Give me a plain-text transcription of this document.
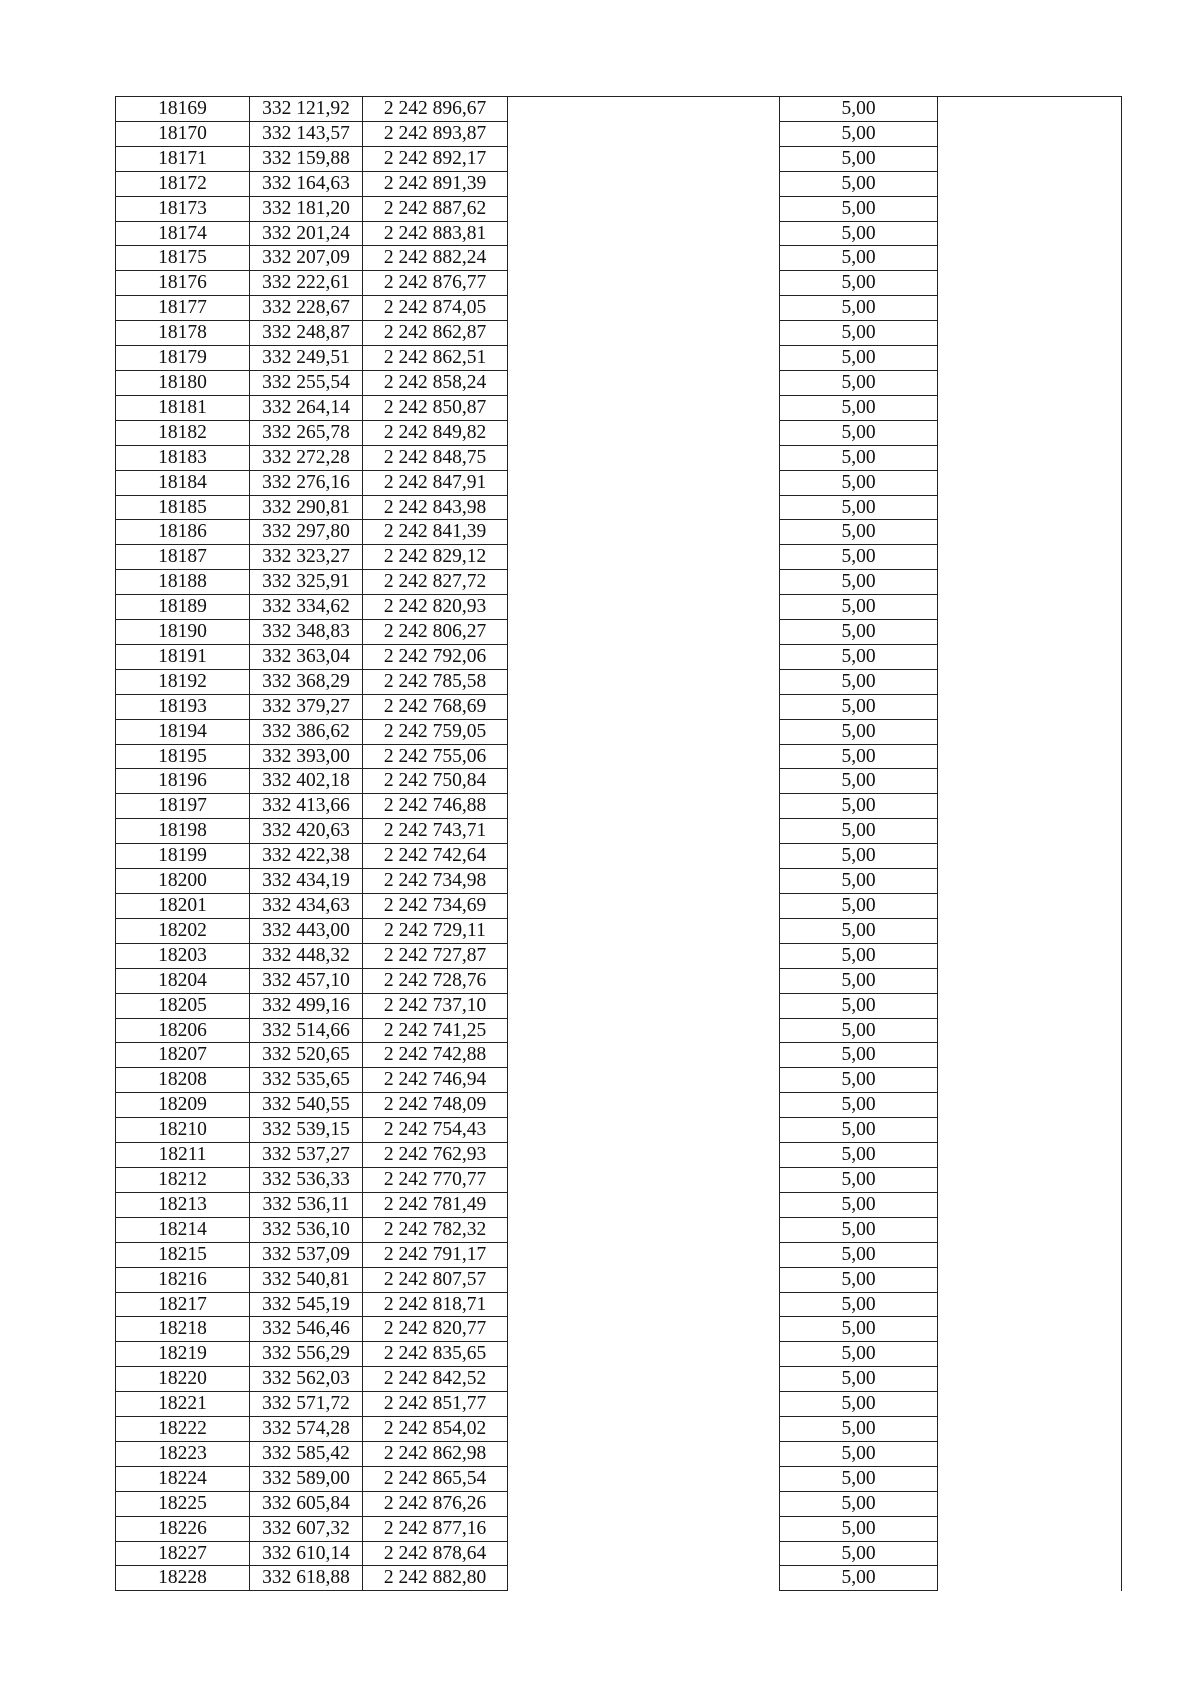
18169	332 121,92	2 242 896,67		5,00	
18170	332 143,57	2 242 893,87		5,00	
18171	332 159,88	2 242 892,17		5,00	
18172	332 164,63	2 242 891,39		5,00	
18173	332 181,20	2 242 887,62		5,00	
18174	332 201,24	2 242 883,81		5,00	
18175	332 207,09	2 242 882,24		5,00	
18176	332 222,61	2 242 876,77		5,00	
18177	332 228,67	2 242 874,05		5,00	
18178	332 248,87	2 242 862,87		5,00	
18179	332 249,51	2 242 862,51		5,00	
18180	332 255,54	2 242 858,24		5,00	
18181	332 264,14	2 242 850,87		5,00	
18182	332 265,78	2 242 849,82		5,00	
18183	332 272,28	2 242 848,75		5,00	
18184	332 276,16	2 242 847,91		5,00	
18185	332 290,81	2 242 843,98		5,00	
18186	332 297,80	2 242 841,39		5,00	
18187	332 323,27	2 242 829,12		5,00	
18188	332 325,91	2 242 827,72		5,00	
18189	332 334,62	2 242 820,93		5,00	
18190	332 348,83	2 242 806,27		5,00	
18191	332 363,04	2 242 792,06		5,00	
18192	332 368,29	2 242 785,58		5,00	
18193	332 379,27	2 242 768,69		5,00	
18194	332 386,62	2 242 759,05		5,00	
18195	332 393,00	2 242 755,06		5,00	
18196	332 402,18	2 242 750,84		5,00	
18197	332 413,66	2 242 746,88		5,00	
18198	332 420,63	2 242 743,71		5,00	
18199	332 422,38	2 242 742,64		5,00	
18200	332 434,19	2 242 734,98		5,00	
18201	332 434,63	2 242 734,69		5,00	
18202	332 443,00	2 242 729,11		5,00	
18203	332 448,32	2 242 727,87		5,00	
18204	332 457,10	2 242 728,76		5,00	
18205	332 499,16	2 242 737,10		5,00	
18206	332 514,66	2 242 741,25		5,00	
18207	332 520,65	2 242 742,88		5,00	
18208	332 535,65	2 242 746,94		5,00	
18209	332 540,55	2 242 748,09		5,00	
18210	332 539,15	2 242 754,43		5,00	
18211	332 537,27	2 242 762,93		5,00	
18212	332 536,33	2 242 770,77		5,00	
18213	332 536,11	2 242 781,49		5,00	
18214	332 536,10	2 242 782,32		5,00	
18215	332 537,09	2 242 791,17		5,00	
18216	332 540,81	2 242 807,57		5,00	
18217	332 545,19	2 242 818,71		5,00	
18218	332 546,46	2 242 820,77		5,00	
18219	332 556,29	2 242 835,65		5,00	
18220	332 562,03	2 242 842,52		5,00	
18221	332 571,72	2 242 851,77		5,00	
18222	332 574,28	2 242 854,02		5,00	
18223	332 585,42	2 242 862,98		5,00	
18224	332 589,00	2 242 865,54		5,00	
18225	332 605,84	2 242 876,26		5,00	
18226	332 607,32	2 242 877,16		5,00	
18227	332 610,14	2 242 878,64		5,00	
18228	332 618,88	2 242 882,80		5,00	
